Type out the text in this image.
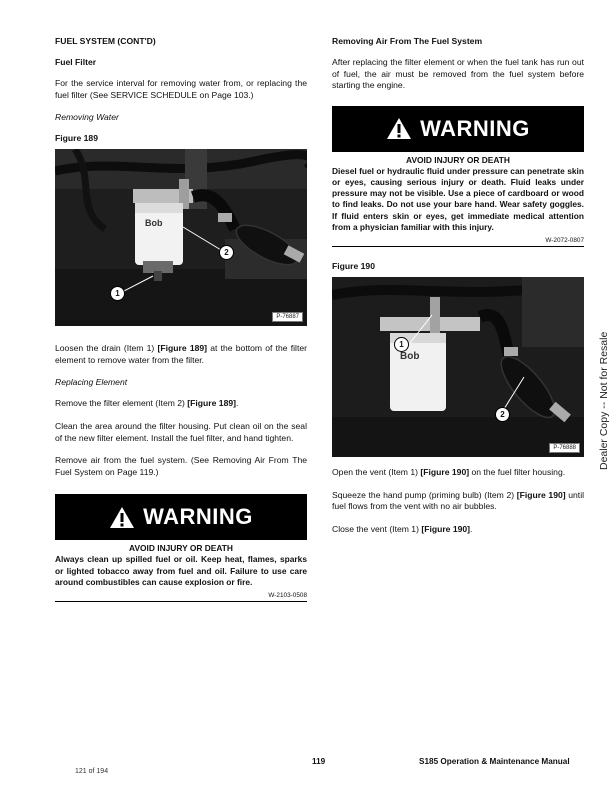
FUEL SYSTEM (CONT'D)
Fuel Filter

For the service interval for removing water from, or replacing the fuel filter (See SERVICE SCHEDULE on Page 103.)

Removing Water

Figure 189
Bob
1
2
P-76887

Loosen the drain (Item 1) [Figure 189] at the bottom of the filter element to remove water from the filter.

Replacing Element

Remove the filter element (Item 2) [Figure 189].

Clean the area around the filter housing. Put clean oil on the seal of the new filter element. Install the fuel filter, and hand tighten.

Remove air from the fuel system. (See Removing Air From The Fuel System on Page 119.)

WARNING
AVOID INJURY OR DEATH
Always clean up spilled fuel or oil. Keep heat, flames, sparks or lighted tobacco away from fuel and oil. Failure to use care around combustibles can cause explosion or fire.
W-2103-0508
Removing Air From The Fuel System

After replacing the filter element or when the fuel tank has run out of fuel, the air must be removed from the fuel system before starting the engine.

WARNING
AVOID INJURY OR DEATH
Diesel fuel or hydraulic fluid under pressure can penetrate skin or eyes, causing serious injury or death. Fluid leaks under pressure may not be visible. Use a piece of cardboard or wood to find leaks. Do not use your bare hand. Wear safety goggles. If fluid enters skin or eyes, get immediate medical attention from a physician familiar with this injury.
W-2072-0807
Figure 190
Bob
1
2
P-76888

Open the vent (Item 1) [Figure 190] on the fuel filter housing.

Squeeze the hand pump (priming bulb) (Item 2) [Figure 190] until fuel flows from the vent with no air bubbles.

Close the vent (Item 1) [Figure 190].

Dealer Copy -- Not for Resale
119	S185 Operation & Maintenance Manual
121 of 194
